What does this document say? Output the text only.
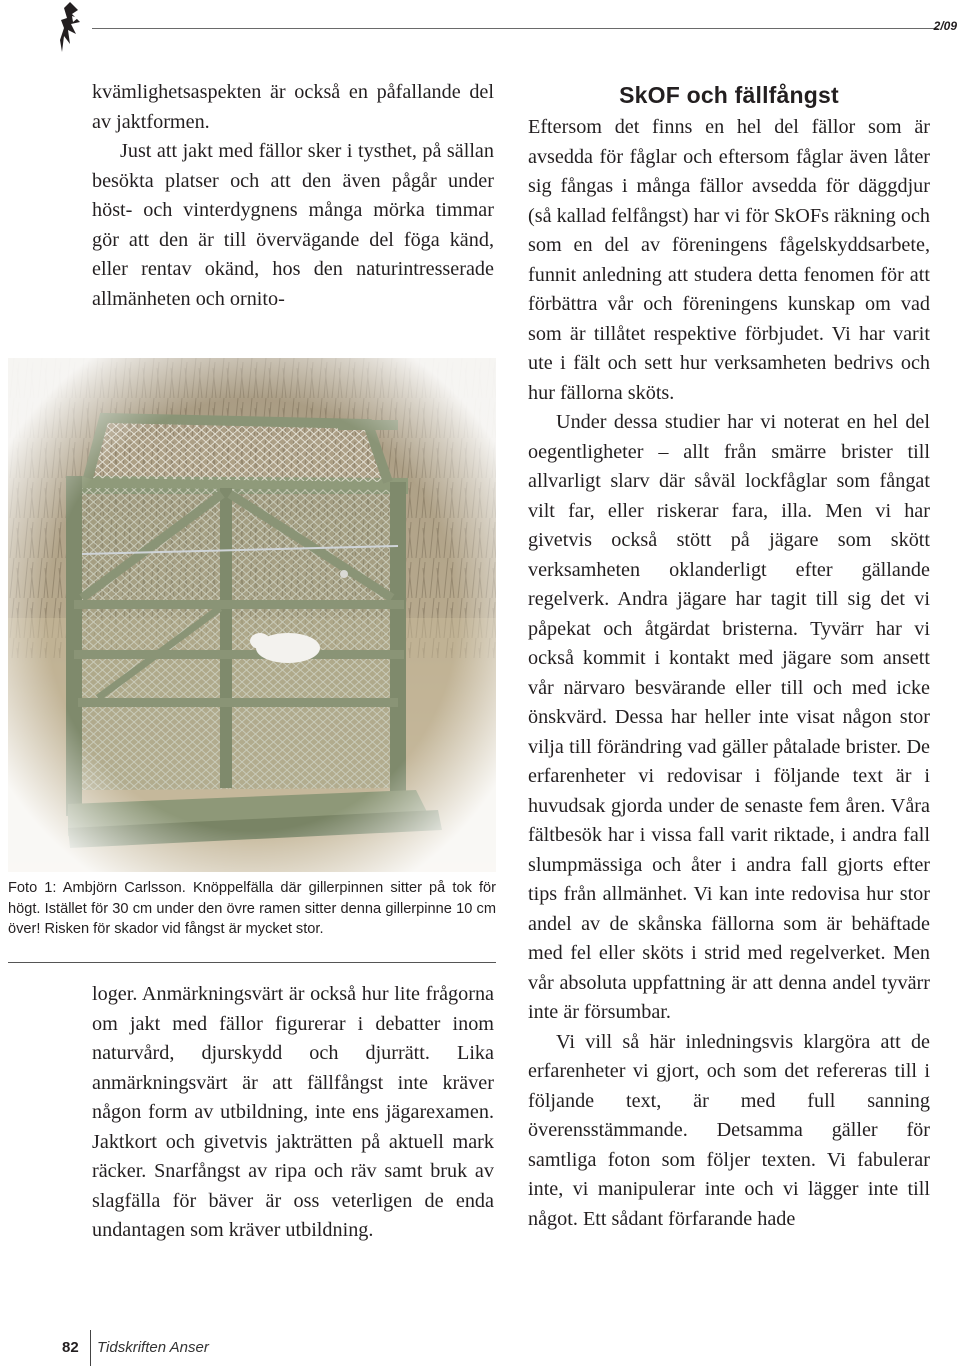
2/09

kvämlighetsaspekten är också en påfallande del av jaktformen.

Just att jakt med fällor sker i tysthet, på sällan besökta platser och att den även pågår under höst- och vinterdygnens många mörka timmar gör att den är till övervägande del föga känd, eller rentav okänd, hos den naturintresserade allmänheten och ornito-

Foto 1: Ambjörn Carlsson. Knöppelfälla där gillerpinnen sitter på tok för högt. Istället för 30 cm under den övre ramen sitter denna gillerpinne 10 cm över! Risken för skador vid fångst är mycket stor.

loger. Anmärkningsvärt är också hur lite frågorna om jakt med fällor figurerar i debatter inom naturvård, djurskydd och djurrätt. Lika anmärkningsvärt är att fällfångst inte kräver någon form av utbildning, inte ens jägarexamen. Jaktkort och givetvis jakträtten på aktuell mark räcker. Snarfångst av ripa och räv samt bruk av slagfälla för bäver är oss veterligen de enda undantagen som kräver utbildning.

SkOF och fällfångst

Eftersom det finns en hel del fällor som är avsedda för fåglar och eftersom fåglar även låter sig fångas i många fällor avsedda för däggdjur (så kallad felfångst) har vi för SkOFs räkning och som en del av föreningens fågelskyddsarbete, funnit anledning att studera detta fenomen för att förbättra vår och föreningens kunskap om vad som är tillåtet respektive förbjudet. Vi har varit ute i fält och sett hur verksamheten bedrivs och hur fällorna sköts.

Under dessa studier har vi noterat en hel del oegentligheter – allt från smärre brister till allvarligt slarv där såväl lockfåglar som fångat vilt far, eller riskerar fara, illa. Men vi har givetvis också stött på jägare som skött verksamheten oklanderligt efter gällande regelverk. Andra jägare har tagit till sig det vi påpekat och åtgärdat bristerna. Tyvärr har vi också kommit i kontakt med jägare som ansett vår närvaro besvärande eller till och med icke önskvärd. Dessa har heller inte visat någon stor vilja till förändring vad gäller påtalade brister. De erfarenheter vi redovisar i följande text är i huvudsak gjorda under de senaste fem åren. Våra fältbesök har i vissa fall varit riktade, i andra fall slumpmässiga och åter i andra fall gjorts efter tips från allmänhet. Vi kan inte redovisa hur stor andel av de skånska fällorna som är behäftade med fel eller sköts i strid med regelverket. Men vår absoluta uppfattning är att denna andel tyvärr inte är försumbar.

Vi vill så här inledningsvis klargöra att de erfarenheter vi gjort, och som det refereras till i följande text, är med full sanning överensstämmande. Detsamma gäller för samtliga foton som följer texten. Vi fabulerar inte, vi manipulerar inte och vi lägger inte till något. Ett sådant förfarande hade

82 Tidskriften Anser
